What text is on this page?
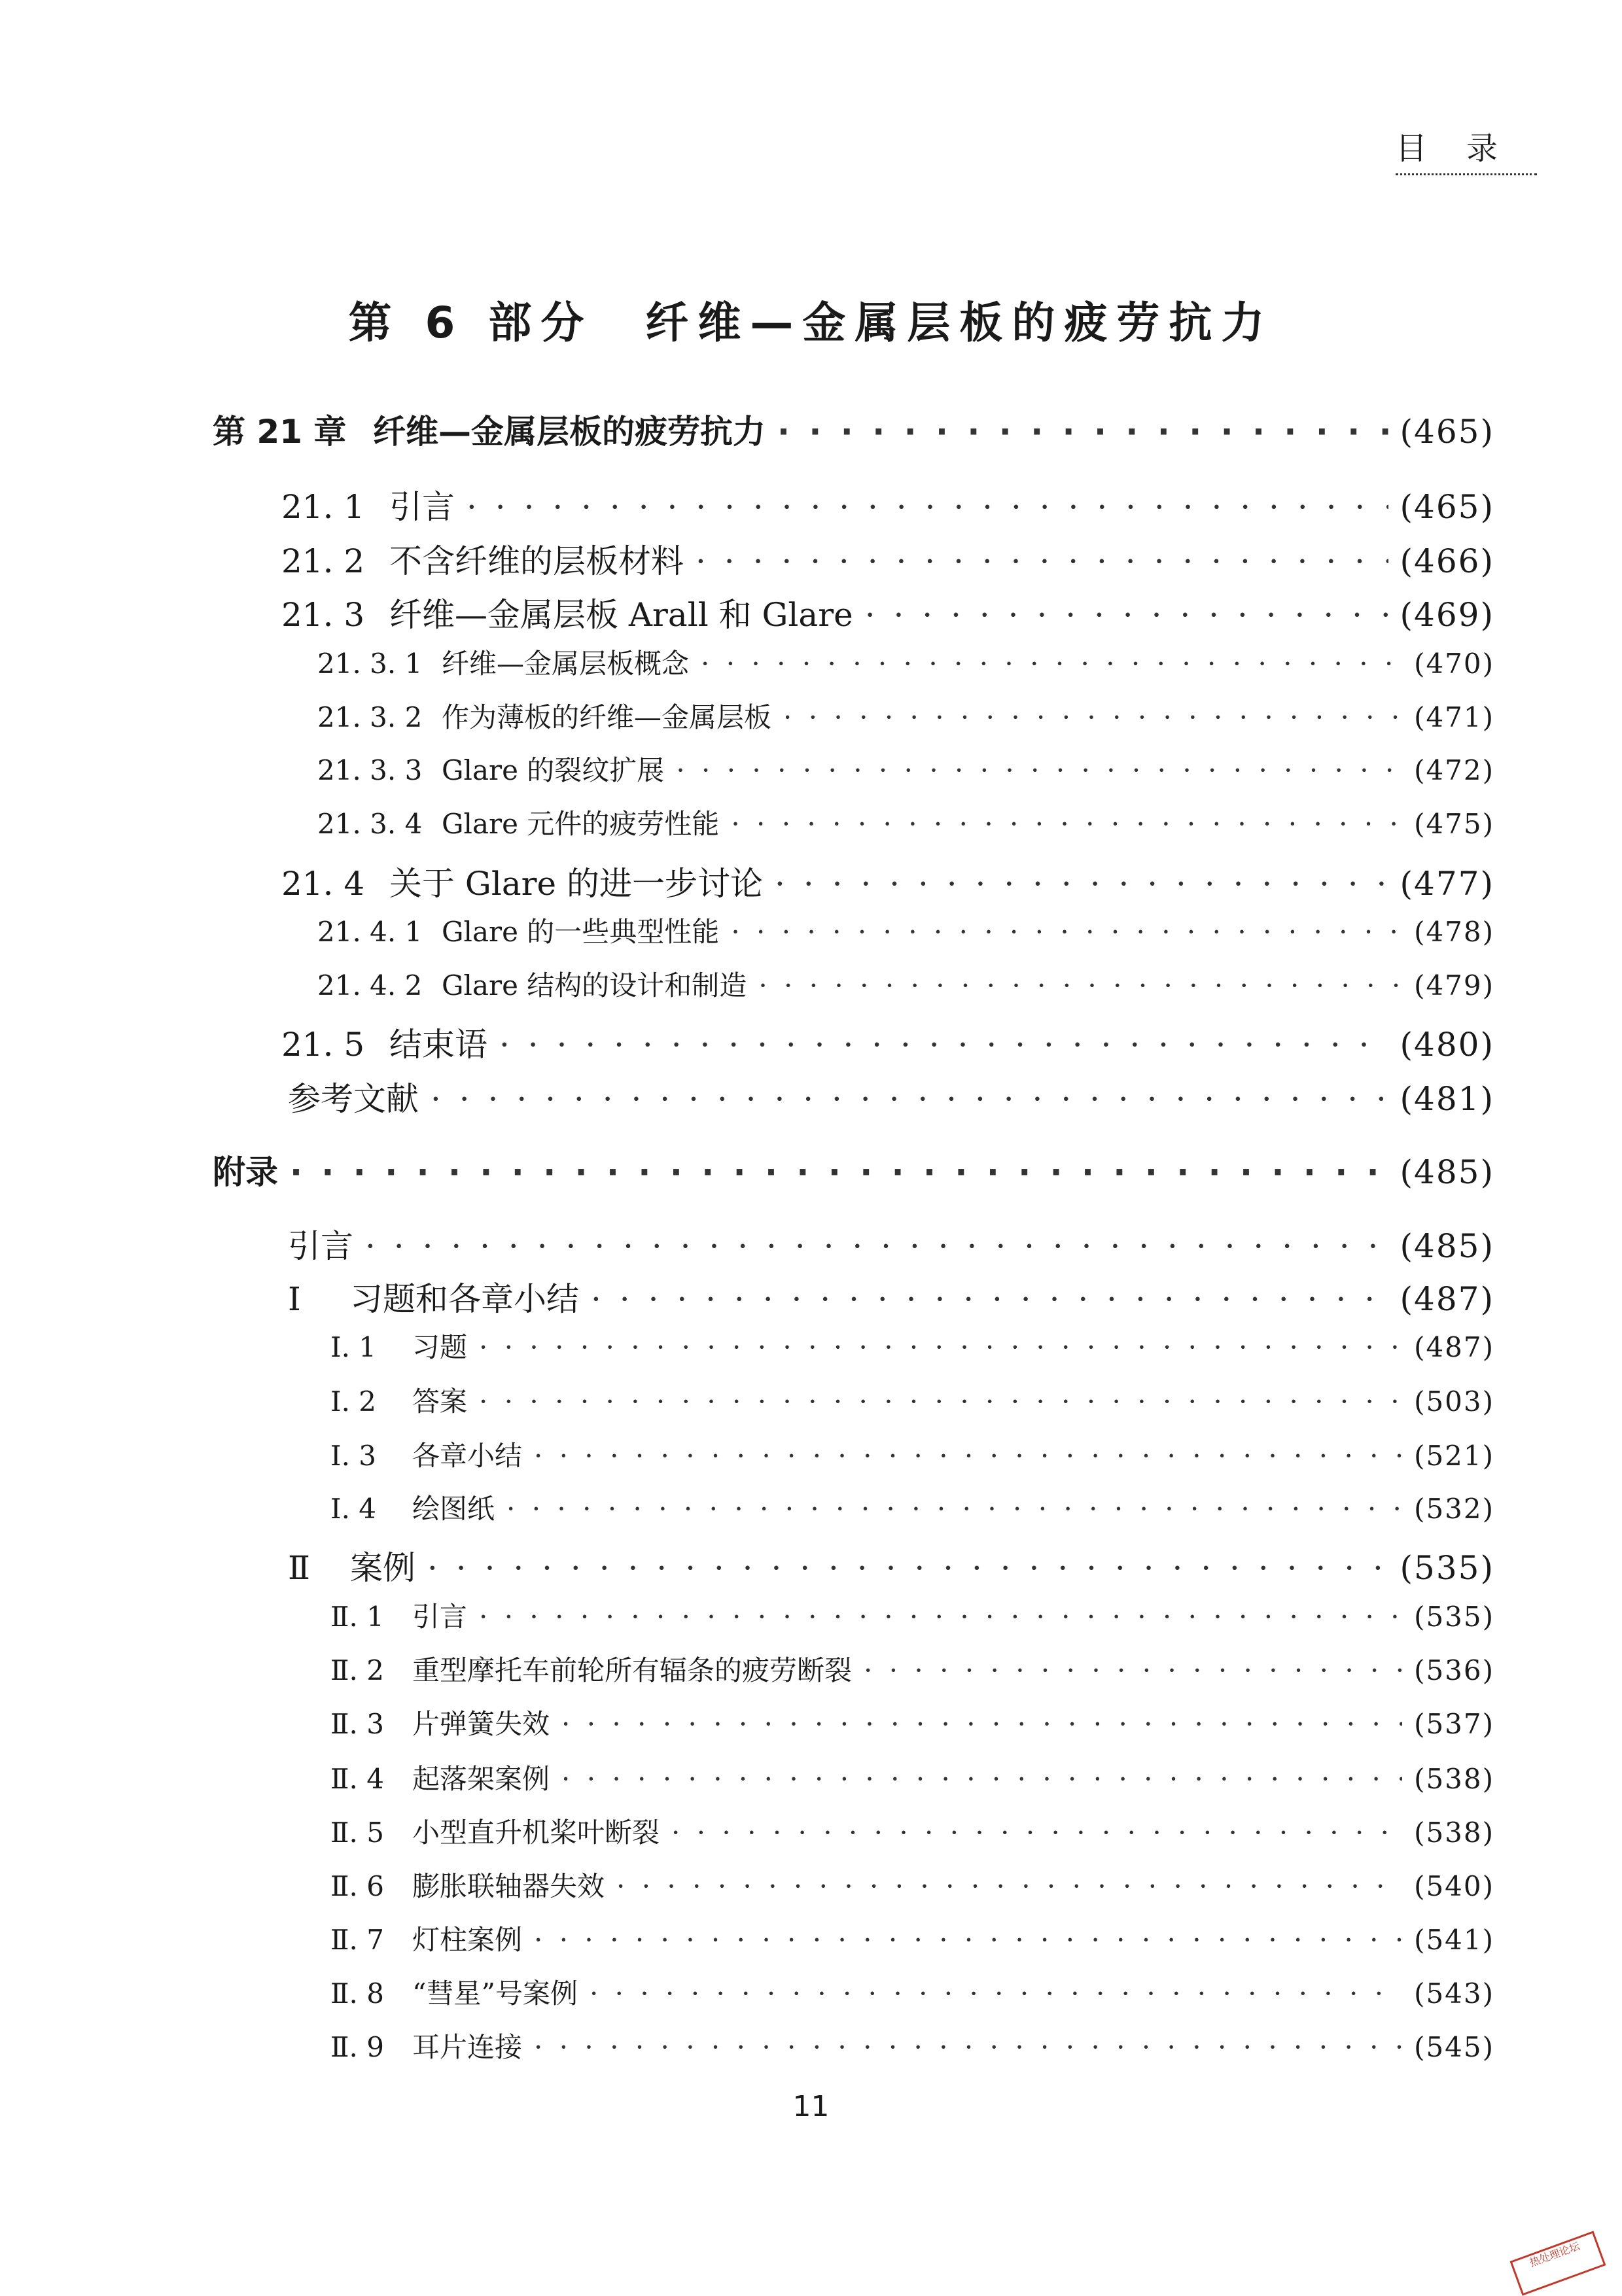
目录
第 6 部分　纤维—金属层板的疲劳抗力
第 21 章 纤维—金属层板的疲劳抗力 · · ·	(465)
21. 1 引言 · · ·	(465)
21. 2 不含纤维的层板材料 · · ·	(466)
21. 3 纤维—金属层板 Arall 和 Glare · · ·	(469)
21. 3. 1 纤维—金属层板概念 · · ·	(470)
21. 3. 2 作为薄板的纤维—金属层板 · · ·	(471)
21. 3. 3 Glare 的裂纹扩展 · · ·	(472)
21. 3. 4 Glare 元件的疲劳性能 · · ·	(475)
21. 4 关于 Glare 的进一步讨论 · · ·	(477)
21. 4. 1 Glare 的一些典型性能 · · ·	(478)
21. 4. 2 Glare 结构的设计和制造 · · ·	(479)
21. 5 结束语 · · ·	(480)
参考文献 · · ·	(481)
附录 · · ·	(485)
引言 · · ·	(485)
Ⅰ	习题和各章小结 · · ·	(487)
Ⅰ. 1	习题 · · ·	(487)
Ⅰ. 2	答案 · · ·	(503)
Ⅰ. 3	各章小结 · · ·	(521)
Ⅰ. 4	绘图纸 · · ·	(532)
Ⅱ	案例 · · ·	(535)
Ⅱ. 1	引言 · · ·	(535)
Ⅱ. 2	重型摩托车前轮所有辐条的疲劳断裂 · · ·	(536)
Ⅱ. 3	片弹簧失效 · · ·	(537)
Ⅱ. 4	起落架案例 · · ·	(538)
Ⅱ. 5	小型直升机桨叶断裂 · · ·	(538)
Ⅱ. 6	膨胀联轴器失效 · · ·	(540)
Ⅱ. 7	灯柱案例 · · ·	(541)
Ⅱ. 8	“彗星”号案例 · · ·	(543)
Ⅱ. 9	耳片连接 · · ·	(545)
11
热处理论坛
